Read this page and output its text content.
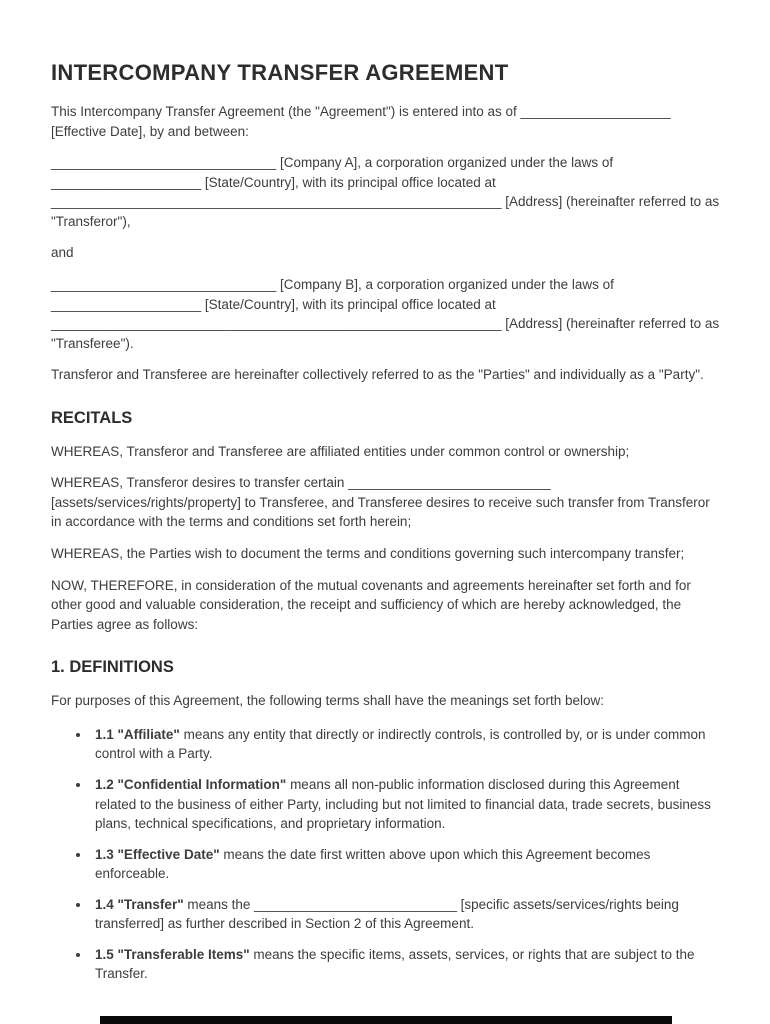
INTERCOMPANY TRANSFER AGREEMENT

This Intercompany Transfer Agreement (the "Agreement") is entered into as of ____________________ [Effective Date], by and between:

______________________________ [Company A], a corporation organized under the laws of ____________________ [State/Country], with its principal office located at ____________________________________________________________ [Address] (hereinafter referred to as "Transferor"),

and

______________________________ [Company B], a corporation organized under the laws of ____________________ [State/Country], with its principal office located at ____________________________________________________________ [Address] (hereinafter referred to as "Transferee").

Transferor and Transferee are hereinafter collectively referred to as the "Parties" and individually as a "Party".

RECITALS

WHEREAS, Transferor and Transferee are affiliated entities under common control or ownership;

WHEREAS, Transferor desires to transfer certain ___________________________ [assets/services/rights/property] to Transferee, and Transferee desires to receive such transfer from Transferor in accordance with the terms and conditions set forth herein;

WHEREAS, the Parties wish to document the terms and conditions governing such intercompany transfer;

NOW, THEREFORE, in consideration of the mutual covenants and agreements hereinafter set forth and for other good and valuable consideration, the receipt and sufficiency of which are hereby acknowledged, the Parties agree as follows:

1. DEFINITIONS

For purposes of this Agreement, the following terms shall have the meanings set forth below:

• 1.1 "Affiliate" means any entity that directly or indirectly controls, is controlled by, or is under common control with a Party.
• 1.2 "Confidential Information" means all non-public information disclosed during this Agreement related to the business of either Party, including but not limited to financial data, trade secrets, business plans, technical specifications, and proprietary information.
• 1.3 "Effective Date" means the date first written above upon which this Agreement becomes enforceable.
• 1.4 "Transfer" means the ___________________________ [specific assets/services/rights being transferred] as further described in Section 2 of this Agreement.
• 1.5 "Transferable Items" means the specific items, assets, services, or rights that are subject to the Transfer.
